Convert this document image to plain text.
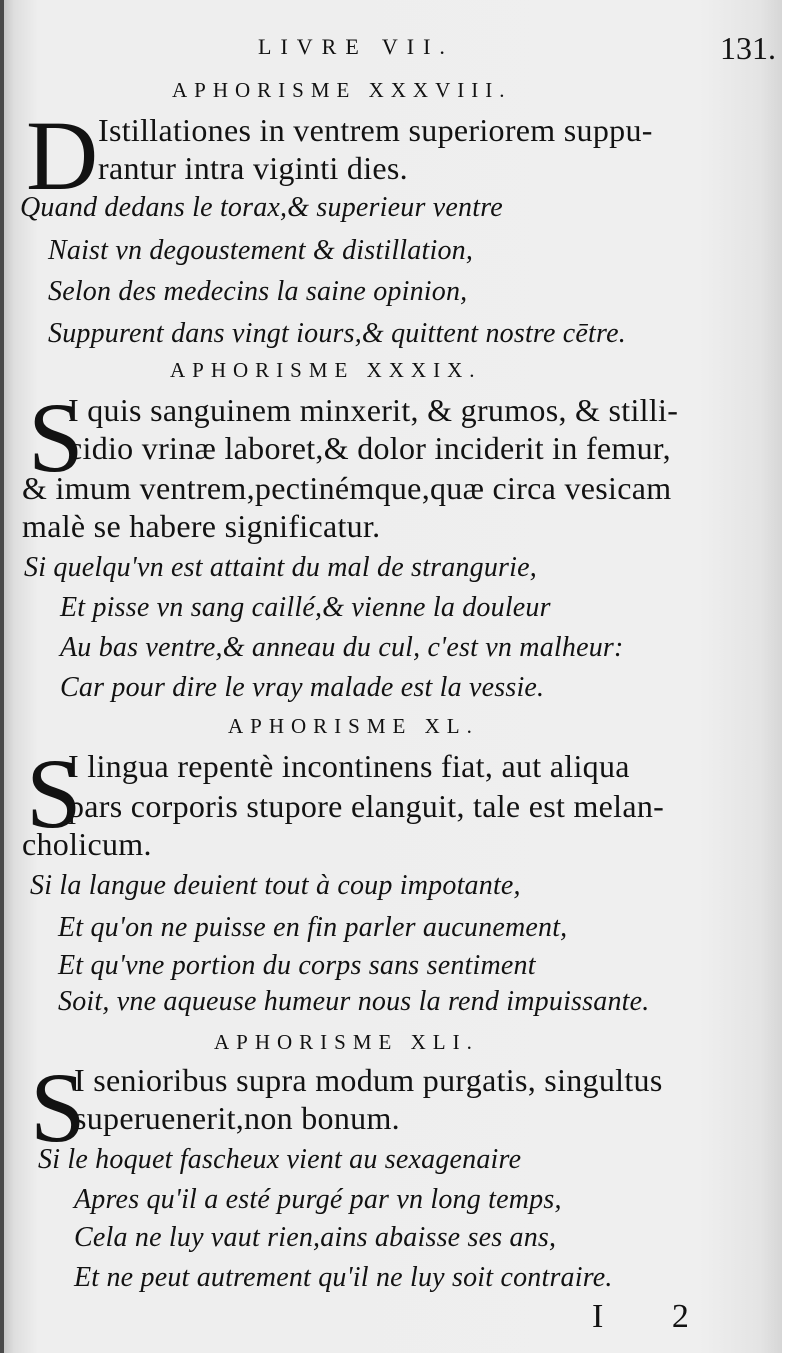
LIVRE VII.	131.
APHORISME XXXVIII.
D Istillationes in ventrem superiorem suppu-
rantur intra viginti dies.
Quand dedans le torax,& superieur ventre
Naist vn degoustement & distillation,
Selon des medecins la saine opinion,
Suppurent dans vingt iours,& quittent nostre cētre.
APHORISME XXXIX.
S
I quis sanguinem minxerit, & grumos, & stilli-
cidio vrinæ laboret,& dolor inciderit in femur,
& imum ventrem,pectinémque,quæ circa vesicam
malè se habere significatur.
Si quelqu'vn est attaint du mal de strangurie,
Et pisse vn sang caillé,& vienne la douleur
Au bas ventre,& anneau du cul, c'est vn malheur:
Car pour dire le vray malade est la vessie.
APHORISME XL.
S
I lingua repentè incontinens fiat, aut aliqua
pars corporis stupore elanguit, tale est melan-
cholicum.
Si la langue deuient tout à coup impotante,
Et qu'on ne puisse en fin parler aucunement,
Et qu'vne portion du corps sans sentiment
Soit, vne aqueuse humeur nous la rend impuissante.
APHORISME XLI.
S
I senioribus supra modum purgatis, singultus
superuenerit,non bonum.
Si le hoquet fascheux vient au sexagenaire
Apres qu'il a esté purgé par vn long temps,
Cela ne luy vaut rien,ains abaisse ses ans,
Et ne peut autrement qu'il ne luy soit contraire.
I 2
